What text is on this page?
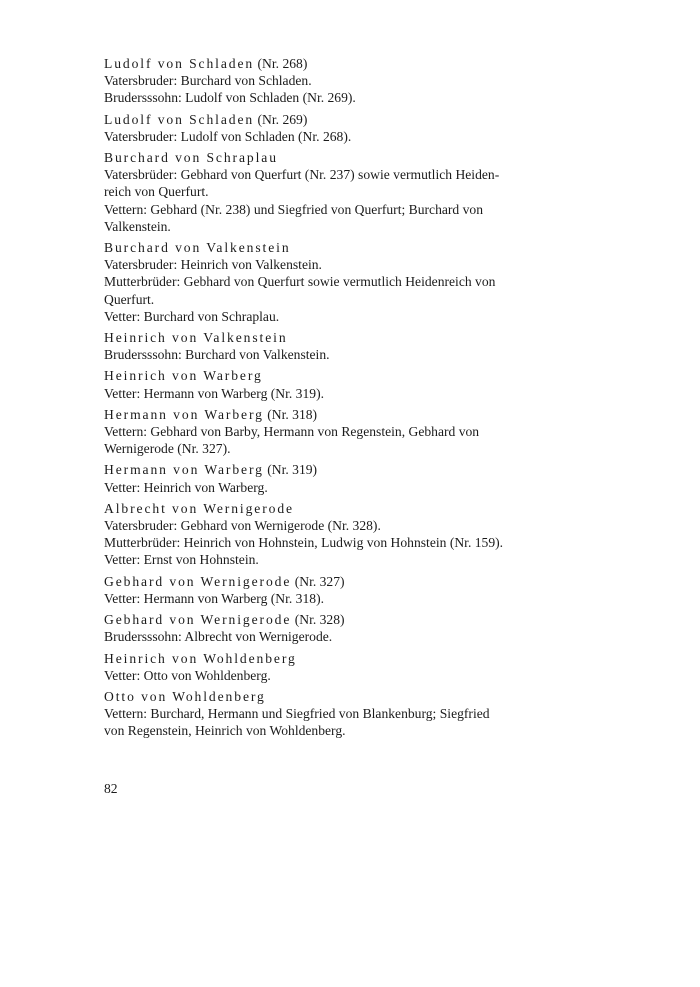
Ludolf von Schladen (Nr. 268)
Vatersbruder: Burchard von Schladen.
Brudersssohn: Ludolf von Schladen (Nr. 269).
Ludolf von Schladen (Nr. 269)
Vatersbruder: Ludolf von Schladen (Nr. 268).
Burchard von Schraplau
Vatersbrüder: Gebhard von Querfurt (Nr. 237) sowie vermutlich Heiden-
reich von Querfurt.
Vettern: Gebhard (Nr. 238) und Siegfried von Querfurt; Burchard von
Valkenstein.
Burchard von Valkenstein
Vatersbruder: Heinrich von Valkenstein.
Mutterbrüder: Gebhard von Querfurt sowie vermutlich Heidenreich von
Querfurt.
Vetter: Burchard von Schraplau.
Heinrich von Valkenstein
Brudersssohn: Burchard von Valkenstein.
Heinrich von Warberg
Vetter: Hermann von Warberg (Nr. 319).
Hermann von Warberg (Nr. 318)
Vettern: Gebhard von Barby, Hermann von Regenstein, Gebhard von
Wernigerode (Nr. 327).
Hermann von Warberg (Nr. 319)
Vetter: Heinrich von Warberg.
Albrecht von Wernigerode
Vatersbruder: Gebhard von Wernigerode (Nr. 328).
Mutterbrüder: Heinrich von Hohnstein, Ludwig von Hohnstein (Nr. 159).
Vetter: Ernst von Hohnstein.
Gebhard von Wernigerode (Nr. 327)
Vetter: Hermann von Warberg (Nr. 318).
Gebhard von Wernigerode (Nr. 328)
Brudersssohn: Albrecht von Wernigerode.
Heinrich von Wohldenberg
Vetter: Otto von Wohldenberg.
Otto von Wohldenberg
Vettern: Burchard, Hermann und Siegfried von Blankenburg; Siegfried
von Regenstein, Heinrich von Wohldenberg.
82
